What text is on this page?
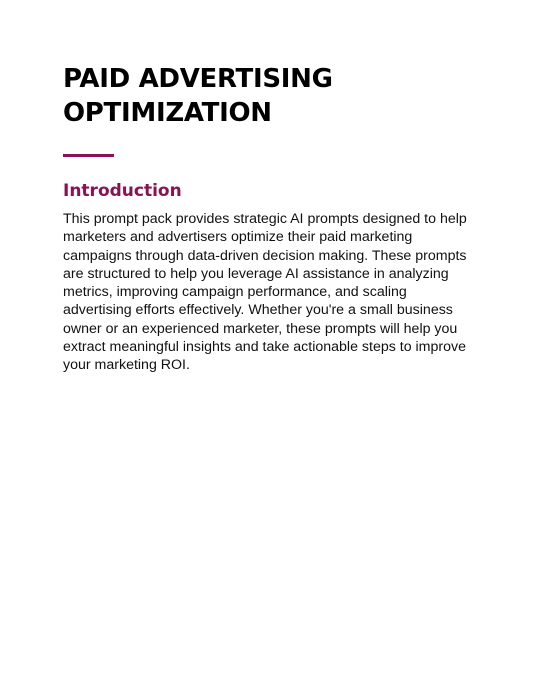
PAID ADVERTISING
OPTIMIZATION
Introduction

This prompt pack provides strategic AI prompts designed to help
marketers and advertisers optimize their paid marketing
campaigns through data-driven decision making. These prompts
are structured to help you leverage AI assistance in analyzing
metrics, improving campaign performance, and scaling
advertising efforts effectively. Whether you're a small business
owner or an experienced marketer, these prompts will help you
extract meaningful insights and take actionable steps to improve
your marketing ROI.
